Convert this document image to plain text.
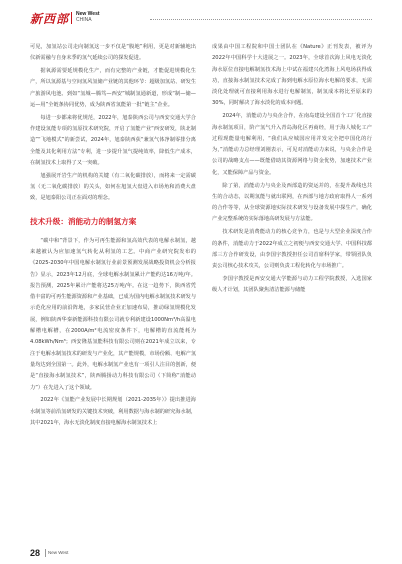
新西部 New West
CHINA

可见，加氢站公司走向制氢这一步不仅是“腹地”利用，更是对新辅地出仪新需融与自身末季的氢气延续公司的探发促进。

据氧源需要延规模化生产，而有完整的产业链，才能促进规模化生产，所以氢源基与空间氢风氢储产业链的其他环节：超级加氢站、研发生产旅游风电池、到如“氢城—腾笃—西安”城制氢通新道，形成“制—储—运—用”全链条协同优势，成为陕西省氢能第一批“链主”企业。

每进一步都来将优规范，2022年，旭泰陕西公司与西安交通大学合作建设氢能专项的氢原技术研究院，开启了氢能产业“西安研发，陕北制造”“飞地模式”的新尝试，2024年，旭泰陕西获“兼氢气体净制零排分离全能及其化利用方法”专利，进一步提升氢气提纯效率，降低生产成本，在制氢技术上取得了又一突破。

旭强展开岩生产的机构的关键（有二氧化碳排放），而将来一定需碳氢（无二氧化碳排放）的关头，如何在旭氢大盘进入市场角和消费大盘致，是旭泰阳公司正在面对的理念。

技术升级：消能动力的制氢方案

“碳中和”背景下，作为可再生能源和氢高效代表的电解水制氢，越来越被认为应加速氢气转化从利氢的工艺。中商产业研究院发布的《2025-2030年中国电解水制氢行业前景预测发展战略投资机会分析报告》显示，2023年12月底，全球电解水制氢累计产能约达16万吨/年。报告预测，2025年累计产能将达25万吨/年。在这一趋势下，陕西省凭借丰富的可再生能源资源和产业基础，已成为国内电解水制氢技术研发与示范化应用的前沿阵地，多家民营企业正加速布局，推动绿氢规模化发展，例如陕西华秦新能源科技有限公司就专利新建设1000Nm³/h高温电解槽电解槽，在2000A/m²电流密度条件下，电解槽的直流能耗为4.08kWh/Nm³；西安隆基氢能科技有限公司则在2021年成立以来，专注于电解水制氢技术的研发与产业化，其产能规模，市场份额、电解产氢量均达到全国第一。此外，电解水制氢产业也有一项引人注目的创新，便是“直接海水制氢技术”，陕西腾扬动力科技有限公司（下简称“消能动力”）在先进入了这个领域。

2022年《氢能产业发展中长期规划（2021-2035年）》提出推进海水制氢等前沿氢研发的关键技术突破，利用数据与海水制的研究海水制，其中2021年，海水无淡化制度直接电解海水制氢技术上

成果由中国工程院和中国士团队在《Nature》正刊发表，被评为2022年中国科学十大进展之一。2023年，全球首次海上风电无淡化海水原位直接电解制氢技术海上中试在福建兴化湾海上风电场获得成功，直接海水制氢技术完成了海到电解水原位海水电解的要求，无需淡化处理就可直接利用海水进行电解制氢，制氢成本将比至原来的30%，同时解决了海水淡化的成本问题。

2024年，消能动力与央企合作，在南岛建设全国首个工厂化直接海水制氢项目，阶产氢气升入青岛海化区再商经，用于海人城化工产过程现能量电解利用，“我们从应城国应用并发完全把中国化的行为，”消能动力总经理刘刚表示，可见对消能动力来说，与央企合作是公司的战略支点——既能借助其资源网络与资金优势，加速技术产业化，又能保障产品与资金。

除了第，消能动力与央企及西部造的资运并的，在提升战线也共生的合动态，以期氢能与就出联网，在西部与地方政府取得人一系列的合作等等，从全球资源地实际技术研发与设备发展中探生产，确化产业完整系统的实际落地高研发展与方法能。

技术研发是消费能动力的核心竞争力，也是与大型企业深度合作的条件，消能动力于2022年成立之初便与西安交通大学、中国科技都部三方合作研发设，由李国宇教授担任公司首席科学家，带领团队负责公司核心技术攻关，公司则负责工程化转化与市场推广。

李国宇教授是西安交通大学能源与动力工程学院教授，入选国家级人才计划，其团队聚焦清洁能源与储能

28 New West
